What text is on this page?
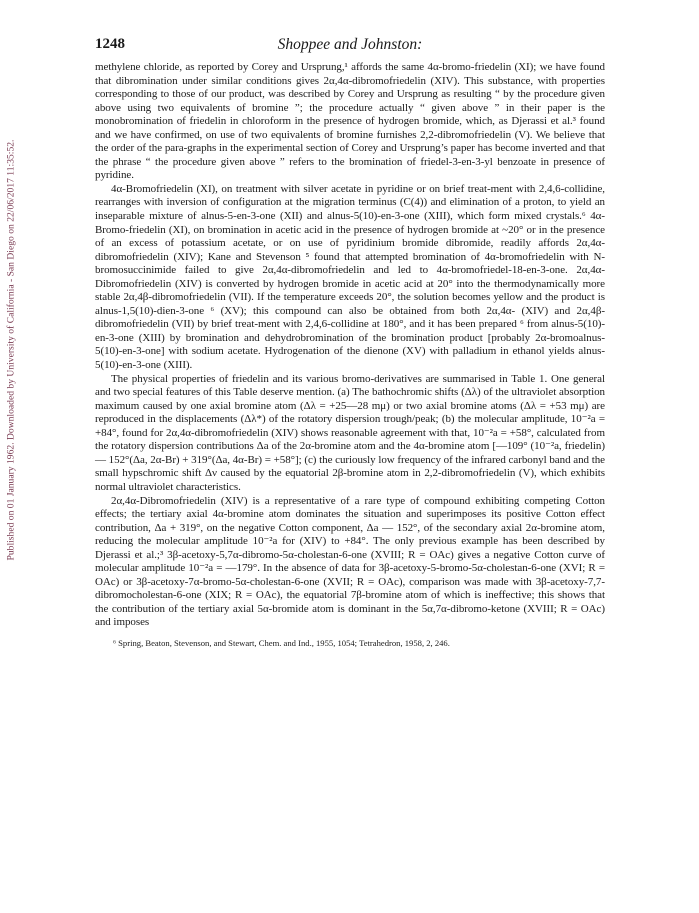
Published on 01 January 1962. Downloaded by University of California - San Diego on 22/06/2017 11:35:52.
1248	Shoppee and Johnston:

methylene chloride, as reported by Corey and Ursprung,¹ affords the same 4α-bromo-friedelin (XI); we have found that dibromination under similar conditions gives 2α,4α-dibromofriedelin (XIV). This substance, with properties corresponding to those of our product, was described by Corey and Ursprung as resulting “ by the procedure given above using two equivalents of bromine ”; the procedure actually “ given above ” in their paper is the monobromination of friedelin in chloroform in the presence of hydrogen bromide, which, as Djerassi et al.³ found and we have confirmed, on use of two equivalents of bromine furnishes 2,2-dibromofriedelin (V). We believe that the order of the para-graphs in the experimental section of Corey and Ursprung’s paper has become inverted and that the phrase “ the procedure given above ” refers to the bromination of friedel-3-en-3-yl benzoate in presence of pyridine.

4α-Bromofriedelin (XI), on treatment with silver acetate in pyridine or on brief treat-ment with 2,4,6-collidine, rearranges with inversion of configuration at the migration terminus (C(4)) and elimination of a proton, to yield an inseparable mixture of alnus-5-en-3-one (XII) and alnus-5(10)-en-3-one (XIII), which form mixed crystals.⁶ 4α-Bromo-friedelin (XI), on bromination in acetic acid in the presence of hydrogen bromide at ~20° or in the presence of an excess of potassium acetate, or on use of pyridinium bromide dibromide, readily affords 2α,4α-dibromofriedelin (XIV); Kane and Stevenson ⁵ found that attempted bromination of 4α-bromofriedelin with N-bromosuccinimide failed to give 2α,4α-dibromofriedelin and led to 4α-bromofriedel-18-en-3-one. 2α,4α-Dibromofriedelin (XIV) is converted by hydrogen bromide in acetic acid at 20° into the thermodynamically more stable 2α,4β-dibromofriedelin (VII). If the temperature exceeds 20°, the solution becomes yellow and the product is alnus-1,5(10)-dien-3-one ⁶ (XV); this compound can also be obtained from both 2α,4α- (XIV) and 2α,4β-dibromofriedelin (VII) by brief treat-ment with 2,4,6-collidine at 180°, and it has been prepared ⁶ from alnus-5(10)-en-3-one (XIII) by bromination and dehydrobromination of the bromination product [probably 2α-bromoalnus-5(10)-en-3-one] with sodium acetate. Hydrogenation of the dienone (XV) with palladium in ethanol yields alnus-5(10)-en-3-one (XIII).

The physical properties of friedelin and its various bromo-derivatives are summarised in Table 1. One general and two special features of this Table deserve mention. (a) The bathochromic shifts (Δλ) of the ultraviolet absorption maximum caused by one axial bromine atom (Δλ = +25—28 mμ) or two axial bromine atoms (Δλ = +53 mμ) are reproduced in the displacements (Δλ*) of the rotatory dispersion trough/peak; (b) the molecular amplitude, 10⁻²a = +84°, found for 2α,4α-dibromofriedelin (XIV) shows reasonable agreement with that, 10⁻²a = +58°, calculated from the rotatory dispersion contributions Δa of the 2α-bromine atom and the 4α-bromine atom [—109° (10⁻²a, friedelin) — 152°(Δa, 2α-Br) + 319°(Δa, 4α-Br) = +58°]; (c) the curiously low frequency of the infrared carbonyl band and the small hypschromic shift Δν caused by the equatorial 2β-bromine atom in 2,2-dibromofriedelin (V), which exhibits normal ultraviolet characteristics.

2α,4α-Dibromofriedelin (XIV) is a representative of a rare type of compound exhibiting competing Cotton effects; the tertiary axial 4α-bromine atom dominates the situation and superimposes its positive Cotton effect contribution, Δa + 319°, on the negative Cotton component, Δa — 152°, of the secondary axial 2α-bromine atom, reducing the molecular amplitude 10⁻²a for (XIV) to +84°. The only previous example has been described by Djerassi et al.;³ 3β-acetoxy-5,7α-dibromo-5α-cholestan-6-one (XVIII; R = OAc) gives a negative Cotton curve of molecular amplitude 10⁻²a = —179°. In the absence of data for 3β-acetoxy-5-bromo-5α-cholestan-6-one (XVI; R = OAc) or 3β-acetoxy-7α-bromo-5α-cholestan-6-one (XVII; R = OAc), comparison was made with 3β-acetoxy-7,7-dibromocholestan-6-one (XIX; R = OAc), the equatorial 7β-bromine atom of which is ineffective; this shows that the contribution of the tertiary axial 5α-bromide atom is dominant in the 5α,7α-dibromo-ketone (XVIII; R = OAc) and imposes

⁶ Spring, Beaton, Stevenson, and Stewart, Chem. and Ind., 1955, 1054; Tetrahedron, 1958, 2, 246.
